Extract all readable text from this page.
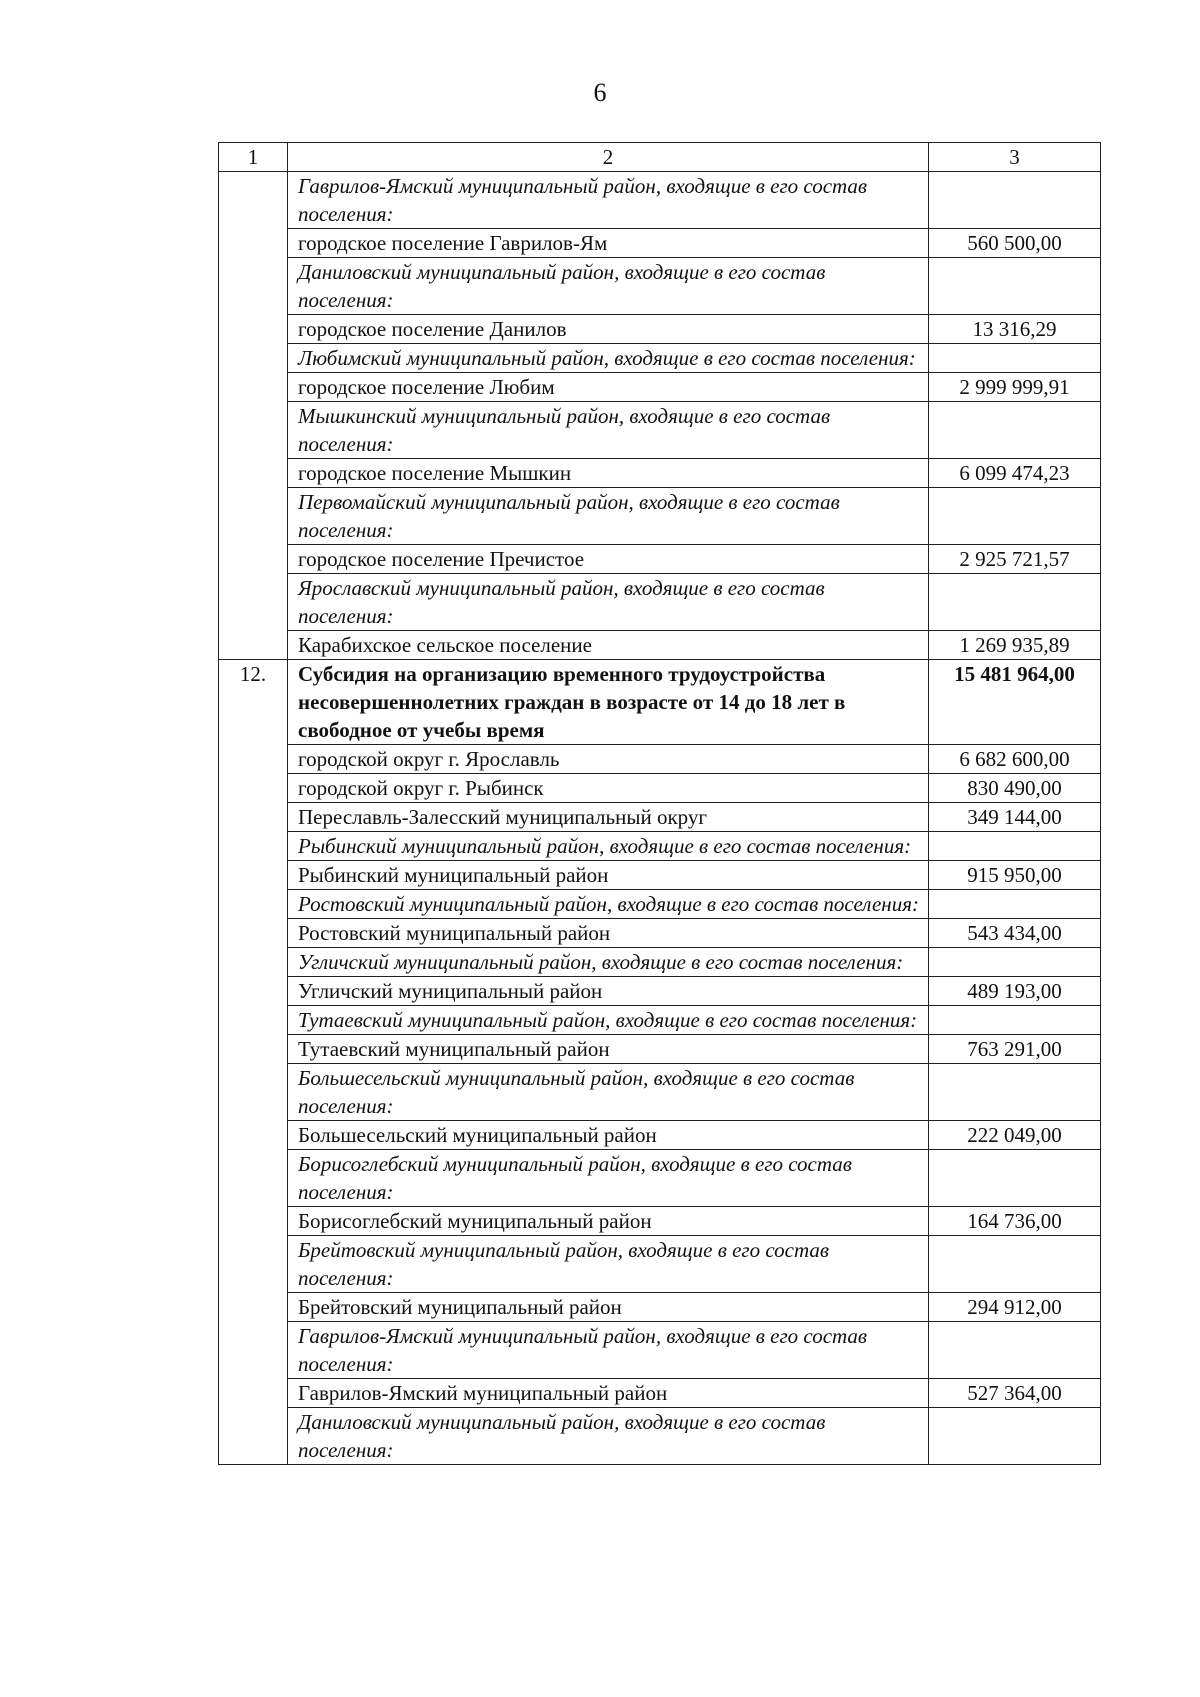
6
1	2	3
	Гаврилов-Ямский муниципальный район, входящие в его состав поселения:	
	городское поселение Гаврилов-Ям	560 500,00
	Даниловский муниципальный район, входящие в его состав поселения:	
	городское поселение Данилов	13 316,29
	Любимский муниципальный район, входящие в его состав поселения:	
	городское поселение Любим	2 999 999,91
	Мышкинский муниципальный район, входящие в его состав поселения:	
	городское поселение Мышкин	6 099 474,23
	Первомайский муниципальный район, входящие в его состав поселения:	
	городское поселение Пречистое	2 925 721,57
	Ярославский муниципальный район, входящие в его состав поселения:	
	Карабихское сельское поселение	1 269 935,89
12.	Субсидия на организацию временного трудоустройства несовершеннолетних граждан в возрасте от 14 до 18 лет в свободное от учебы время	15 481 964,00
	городской округ г. Ярославль	6 682 600,00
	городской округ г. Рыбинск	830 490,00
	Переславль-Залесский муниципальный округ	349 144,00
	Рыбинский муниципальный район, входящие в его состав поселения:	
	Рыбинский муниципальный район	915 950,00
	Ростовский муниципальный район, входящие в его состав поселения:	
	Ростовский муниципальный район	543 434,00
	Угличский муниципальный район, входящие в его состав поселения:	
	Угличский муниципальный район	489 193,00
	Тутаевский муниципальный район, входящие в его состав поселения:	
	Тутаевский муниципальный район	763 291,00
	Большесельский муниципальный район, входящие в его состав поселения:	
	Большесельский муниципальный район	222 049,00
	Борисоглебский муниципальный район, входящие в его состав поселения:	
	Борисоглебский муниципальный район	164 736,00
	Брейтовский муниципальный район, входящие в его состав поселения:	
	Брейтовский муниципальный район	294 912,00
	Гаврилов-Ямский муниципальный район, входящие в его состав поселения:	
	Гаврилов-Ямский муниципальный район	527 364,00
	Даниловский муниципальный район, входящие в его состав поселения:	
